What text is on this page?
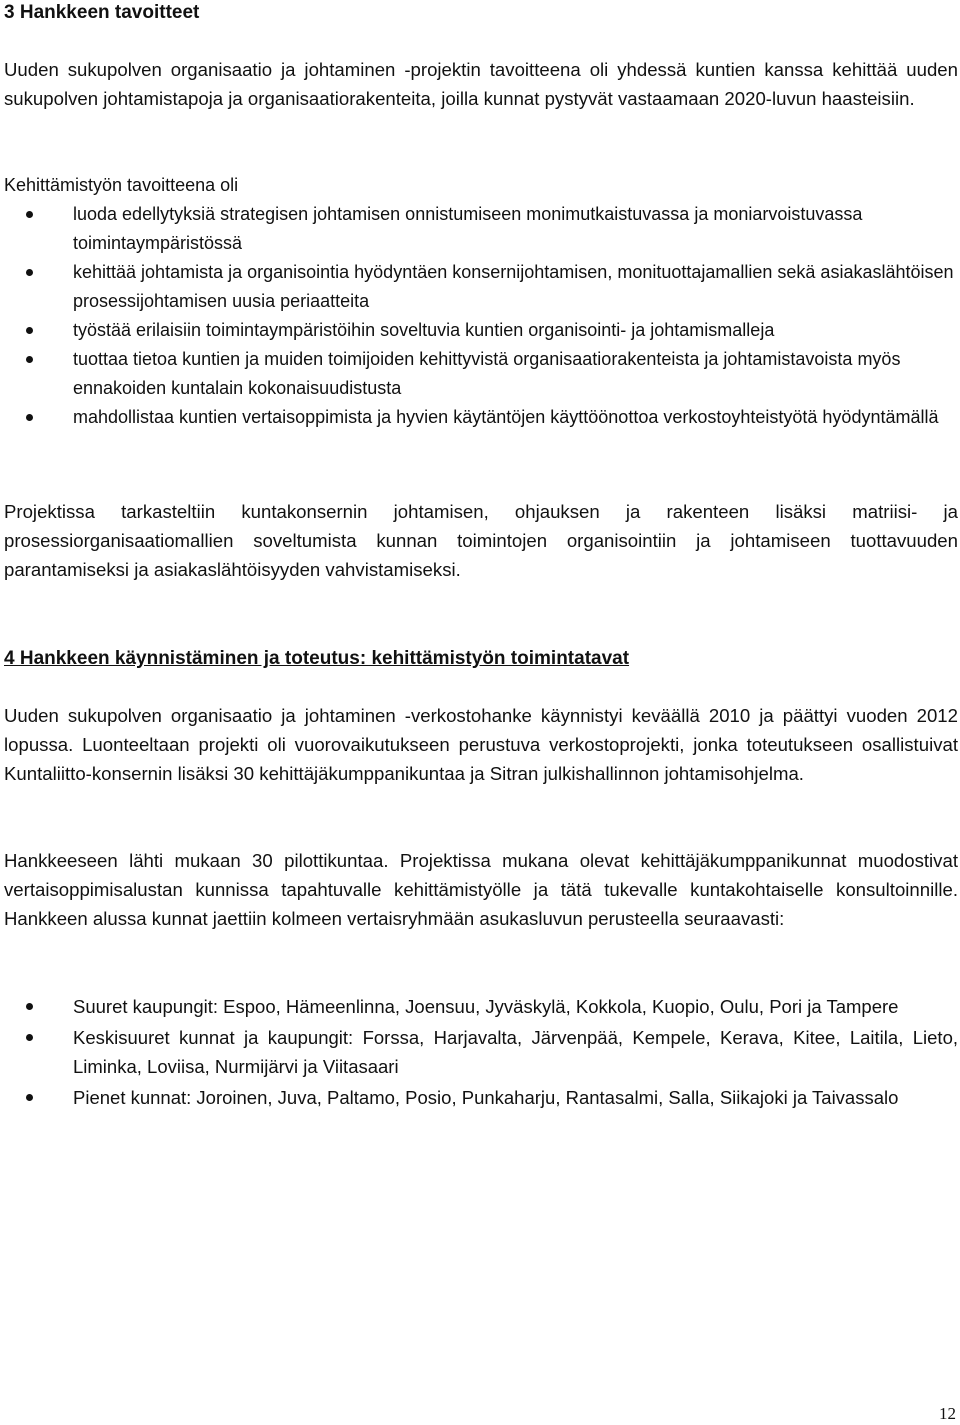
3 Hankkeen tavoitteet

Uuden sukupolven organisaatio ja johtaminen -projektin tavoitteena oli yhdessä kuntien kanssa kehittää uuden sukupolven johtamistapoja ja organisaatiorakenteita, joilla kunnat pystyvät vastaamaan 2020-luvun haasteisiin.

Kehittämistyön tavoitteena oli

luoda edellytyksiä strategisen johtamisen onnistumiseen monimutkaistuvassa ja moniarvoistuvassa toimintaympäristössä
kehittää johtamista ja organisointia hyödyntäen konsernijohtamisen, monituottajamallien sekä asiakaslähtöisen prosessijohtamisen uusia periaatteita
työstää erilaisiin toimintaympäristöihin soveltuvia kuntien organisointi- ja johtamismalleja
tuottaa tietoa kuntien ja muiden toimijoiden kehittyvistä organisaatiorakenteista ja johtamistavoista myös ennakoiden kuntalain kokonaisuudistusta
mahdollistaa kuntien vertaisoppimista ja hyvien käytäntöjen käyttöönottoa verkostoyhteistyötä hyödyntämällä

Projektissa tarkasteltiin kuntakonsernin johtamisen, ohjauksen ja rakenteen lisäksi matriisi- ja prosessiorganisaatiomallien soveltumista kunnan toimintojen organisointiin ja johtamiseen tuottavuuden parantamiseksi ja asiakaslähtöisyyden vahvistamiseksi.

4 Hankkeen käynnistäminen ja toteutus: kehittämistyön toimintatavat

Uuden sukupolven organisaatio ja johtaminen -verkostohanke käynnistyi keväällä 2010 ja päättyi vuoden 2012 lopussa. Luonteeltaan projekti oli vuorovaikutukseen perustuva verkostoprojekti, jonka toteutukseen osallistuivat Kuntaliitto-konsernin lisäksi 30 kehittäjäkumppanikuntaa ja Sitran julkishallinnon johtamisohjelma.

Hankkeeseen lähti mukaan 30 pilottikuntaa. Projektissa mukana olevat kehittäjäkumppanikunnat muodostivat vertaisoppimisalustan kunnissa tapahtuvalle kehittämistyölle ja tätä tukevalle kuntakohtaiselle konsultoinnille. Hankkeen alussa kunnat jaettiin kolmeen vertaisryhmään asukasluvun perusteella seuraavasti:

Suuret kaupungit: Espoo, Hämeenlinna, Joensuu, Jyväskylä, Kokkola, Kuopio, Oulu, Pori ja Tampere
Keskisuuret kunnat ja kaupungit: Forssa, Harjavalta, Järvenpää, Kempele, Kerava, Kitee, Laitila, Lieto, Liminka, Loviisa, Nurmijärvi ja Viitasaari
Pienet kunnat: Joroinen, Juva, Paltamo, Posio, Punkaharju, Rantasalmi, Salla, Siikajoki ja Taivassalo
12
